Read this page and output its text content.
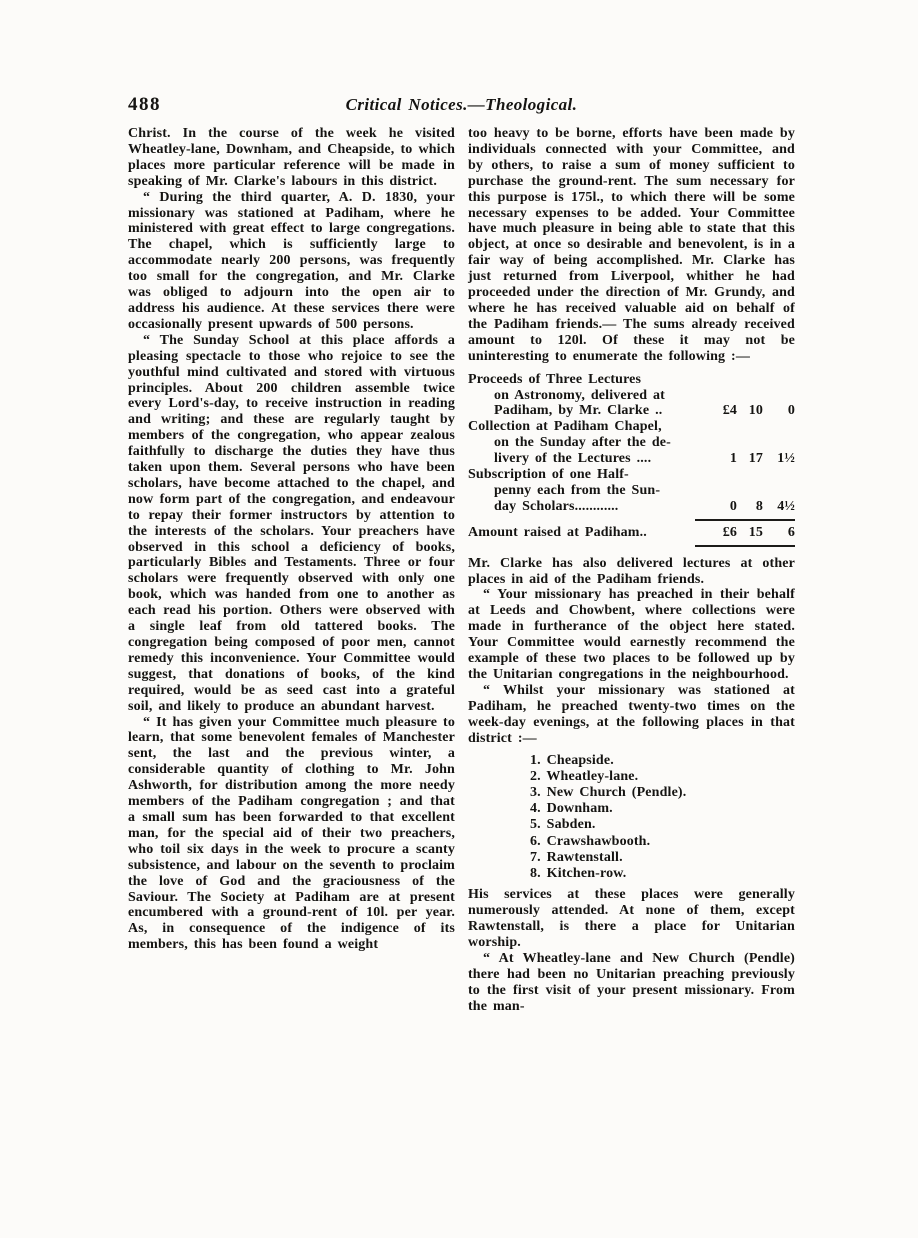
488	Critical Notices.—Theological.

Christ. In the course of the week he visited Wheatley-lane, Downham, and Cheapside, to which places more particular reference will be made in speaking of Mr. Clarke's labours in this district.

“ During the third quarter, A. D. 1830, your missionary was stationed at Padiham, where he ministered with great effect to large congregations. The chapel, which is sufficiently large to accommodate nearly 200 persons, was frequently too small for the congregation, and Mr. Clarke was obliged to adjourn into the open air to address his audience. At these services there were occasionally present upwards of 500 persons.

“ The Sunday School at this place affords a pleasing spectacle to those who rejoice to see the youthful mind cultivated and stored with virtuous principles. About 200 children assemble twice every Lord's-day, to receive instruction in reading and writing; and these are regularly taught by members of the congregation, who appear zealous faithfully to discharge the duties they have thus taken upon them. Several persons who have been scholars, have become attached to the chapel, and now form part of the congregation, and endeavour to repay their former instructors by attention to the interests of the scholars. Your preachers have observed in this school a deficiency of books, particularly Bibles and Testaments. Three or four scholars were frequently observed with only one book, which was handed from one to another as each read his portion. Others were observed with a single leaf from old tattered books. The congregation being composed of poor men, cannot remedy this inconvenience. Your Committee would suggest, that donations of books, of the kind required, would be as seed cast into a grateful soil, and likely to produce an abundant harvest.

“ It has given your Committee much pleasure to learn, that some benevolent females of Manchester sent, the last and the previous winter, a considerable quantity of clothing to Mr. John Ashworth, for distribution among the more needy members of the Padiham congregation ; and that a small sum has been forwarded to that excellent man, for the special aid of their two preachers, who toil six days in the week to procure a scanty subsistence, and labour on the seventh to proclaim the love of God and the graciousness of the Saviour. The Society at Padiham are at present encumbered with a ground-rent of 10l. per year. As, in consequence of the indigence of its members, this has been found a weight

too heavy to be borne, efforts have been made by individuals connected with your Committee, and by others, to raise a sum of money sufficient to purchase the ground-rent. The sum necessary for this purpose is 175l., to which there will be some necessary expenses to be added. Your Committee have much pleasure in being able to state that this object, at once so desirable and benevolent, is in a fair way of being accomplished. Mr. Clarke has just returned from Liverpool, whither he had proceeded under the direction of Mr. Grundy, and where he has received valuable aid on behalf of the Padiham friends.— The sums already received amount to 120l. Of these it may not be uninteresting to enumerate the following :—

Proceeds of Three Lectures
on Astronomy, delivered at
Padiham, by Mr. Clarke ..	£4 10	0
Collection at Padiham Chapel,
on the Sunday after the de-
livery of the Lectures ....	1 17	1½
Subscription of one Half-
penny each from the Sun-
day Scholars............	0	8	4½
Amount raised at Padiham..	£6 15	6

Mr. Clarke has also delivered lectures at other places in aid of the Padiham friends.

“ Your missionary has preached in their behalf at Leeds and Chowbent, where collections were made in furtherance of the object here stated. Your Committee would earnestly recommend the example of these two places to be followed up by the Unitarian congregations in the neighbourhood.

“ Whilst your missionary was stationed at Padiham, he preached twenty-two times on the week-day evenings, at the following places in that district :—

1. Cheapside.
2. Wheatley-lane.
3. New Church (Pendle).
4. Downham.
5. Sabden.
6. Crawshawbooth.
7. Rawtenstall.
8. Kitchen-row.

His services at these places were generally numerously attended. At none of them, except Rawtenstall, is there a place for Unitarian worship.

“ At Wheatley-lane and New Church (Pendle) there had been no Unitarian preaching previously to the first visit of your present missionary. From the man-
